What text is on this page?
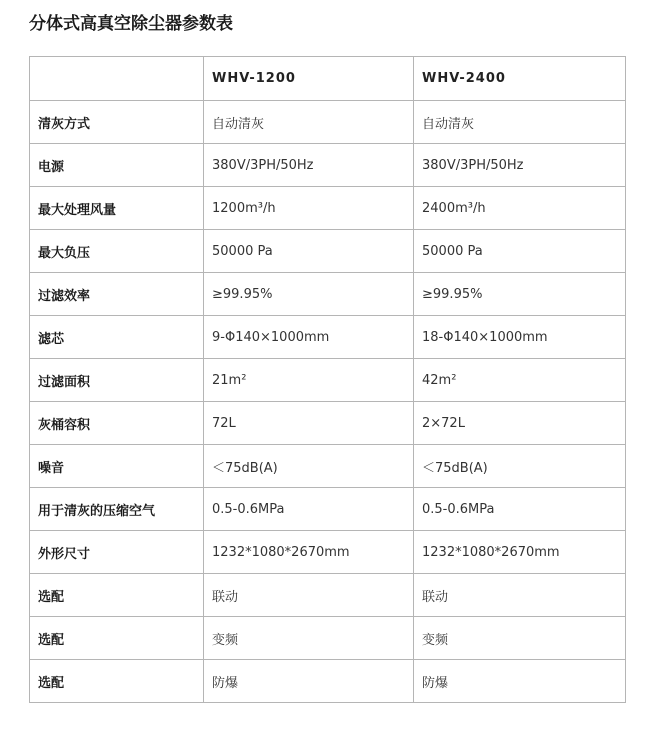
分体式高真空除尘器参数表
	WHV-1200	WHV-2400
清灰方式	自动清灰	自动清灰
电源	380V/3PH/50Hz	380V/3PH/50Hz
最大处理风量	1200m³/h	2400m³/h
最大负压	50000 Pa	50000 Pa
过滤效率	≥99.95%	≥99.95%
滤芯	9-Φ140×1000mm	18-Φ140×1000mm
过滤面积	21m²	42m²
灰桶容积	72L	2×72L
噪音	＜75dB(A)	＜75dB(A)
用于清灰的压缩空气	0.5-0.6MPa	0.5-0.6MPa
外形尺寸	1232*1080*2670mm	1232*1080*2670mm
选配	联动	联动
选配	变频	变频
选配	防爆	防爆
